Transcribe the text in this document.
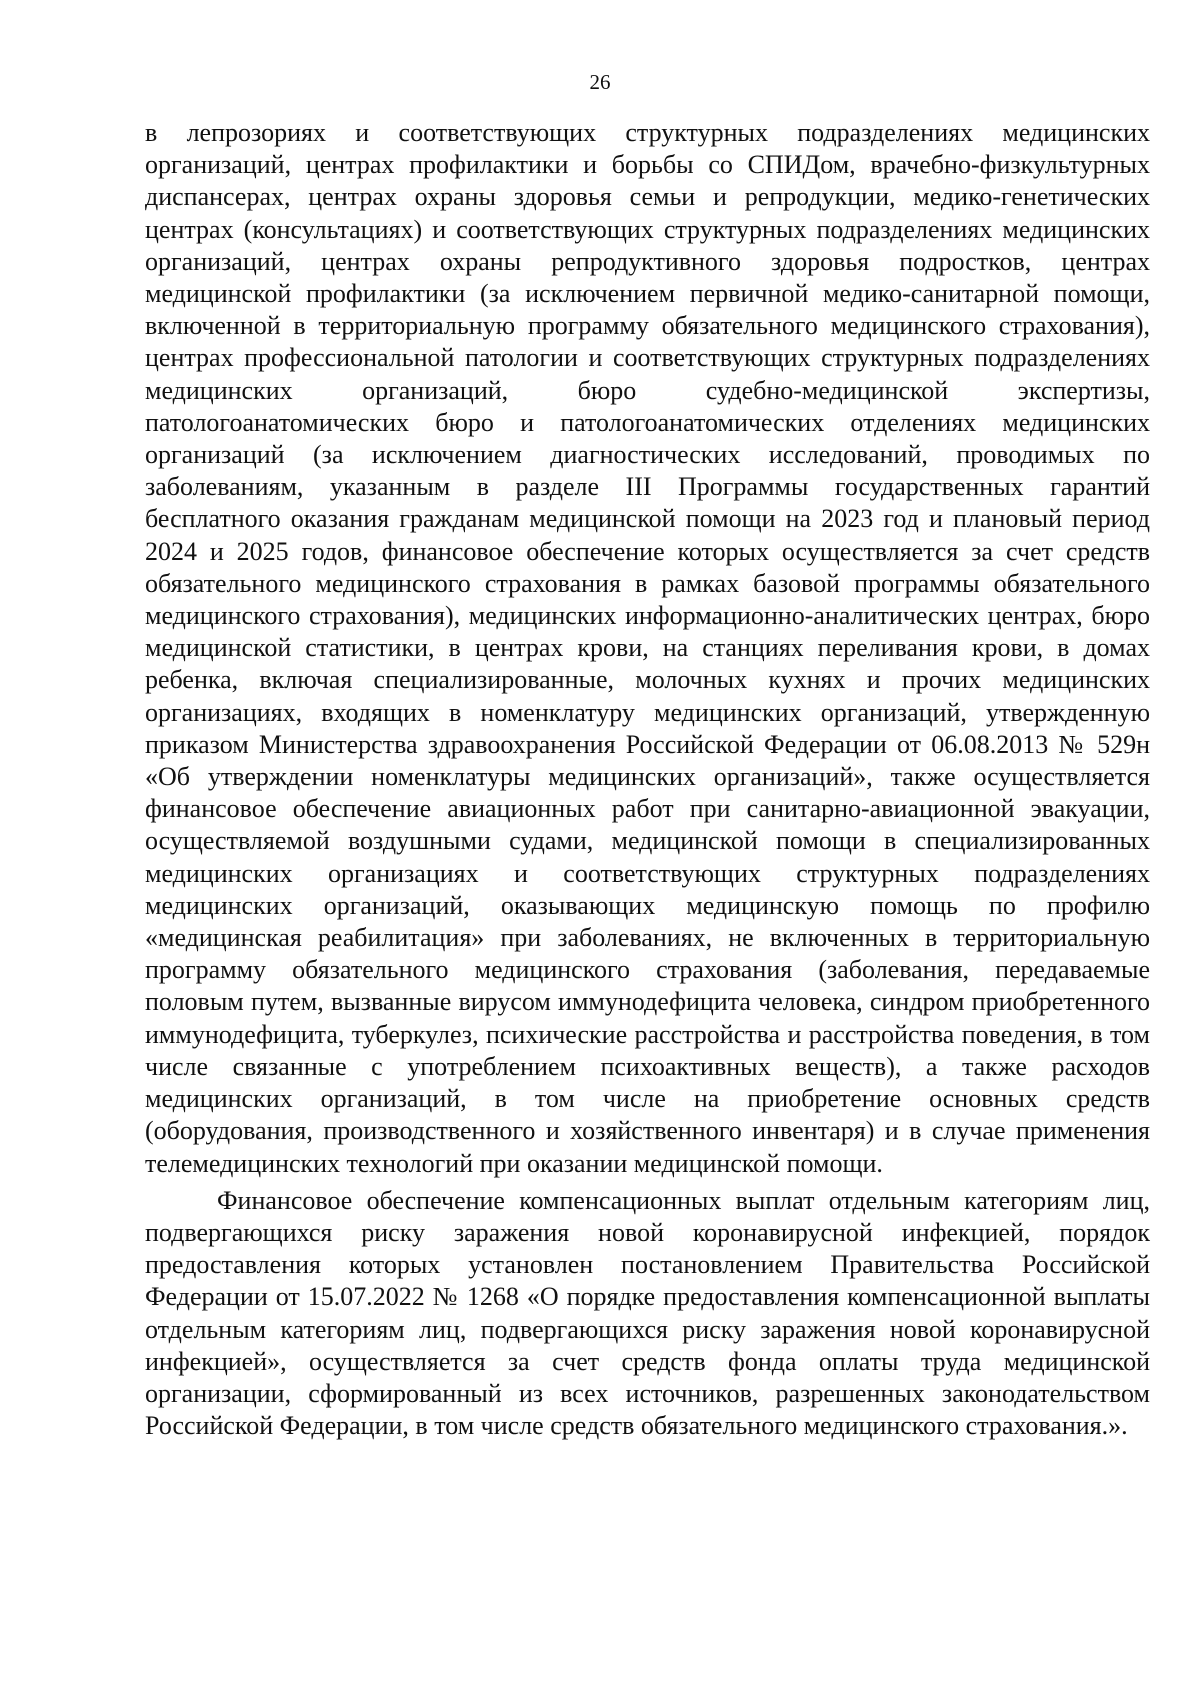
26

в лепрозориях и соответствующих структурных подразделениях медицинских организаций, центрах профилактики и борьбы со СПИДом, врачебно-физкультурных диспансерах, центрах охраны здоровья семьи и репродукции, медико-генетических центрах (консультациях) и соответствующих структурных подразделениях медицинских организаций, центрах охраны репродуктивного здоровья подростков, центрах медицинской профилактики (за исключением первичной медико-санитарной помощи, включенной в территориальную программу обязательного медицинского страхования), центрах профессиональной патологии и соответствующих структурных подразделениях медицинских организаций, бюро судебно-медицинской экспертизы, патологоанатомических бюро и патологоанатомических отделениях медицинских организаций (за исключением диагностических исследований, проводимых по заболеваниям, указанным в разделе III Программы государственных гарантий бесплатного оказания гражданам медицинской помощи на 2023 год и плановый период 2024 и 2025 годов, финансовое обеспечение которых осуществляется за счет средств обязательного медицинского страхования в рамках базовой программы обязательного медицинского страхования), медицинских информационно-аналитических центрах, бюро медицинской статистики, в центрах крови, на станциях переливания крови, в домах ребенка, включая специализированные, молочных кухнях и прочих медицинских организациях, входящих в номенклатуру медицинских организаций, утвержденную приказом Министерства здравоохранения Российской Федерации от 06.08.2013 № 529н «Об утверждении номенклатуры медицинских организаций», также осуществляется финансовое обеспечение авиационных работ при санитарно-авиационной эвакуации, осуществляемой воздушными судами, медицинской помощи в специализированных медицинских организациях и соответствующих структурных подразделениях медицинских организаций, оказывающих медицинскую помощь по профилю «медицинская реабилитация» при заболеваниях, не включенных в территориальную программу обязательного медицинского страхования (заболевания, передаваемые половым путем, вызванные вирусом иммунодефицита человека, синдром приобретенного иммунодефицита, туберкулез, психические расстройства и расстройства поведения, в том числе связанные с употреблением психоактивных веществ), а также расходов медицинских организаций, в том числе на приобретение основных средств (оборудования, производственного и хозяйственного инвентаря) и в случае применения телемедицинских технологий при оказании медицинской помощи.

Финансовое обеспечение компенсационных выплат отдельным категориям лиц, подвергающихся риску заражения новой коронавирусной инфекцией, порядок предоставления которых установлен постановлением Правительства Российской Федерации от 15.07.2022 № 1268 «О порядке предоставления компенсационной выплаты отдельным категориям лиц, подвергающихся риску заражения новой коронавирусной инфекцией», осуществляется за счет средств фонда оплаты труда медицинской организации, сформированный из всех источников, разрешенных законодательством Российской Федерации, в том числе средств обязательного медицинского страхования.».
